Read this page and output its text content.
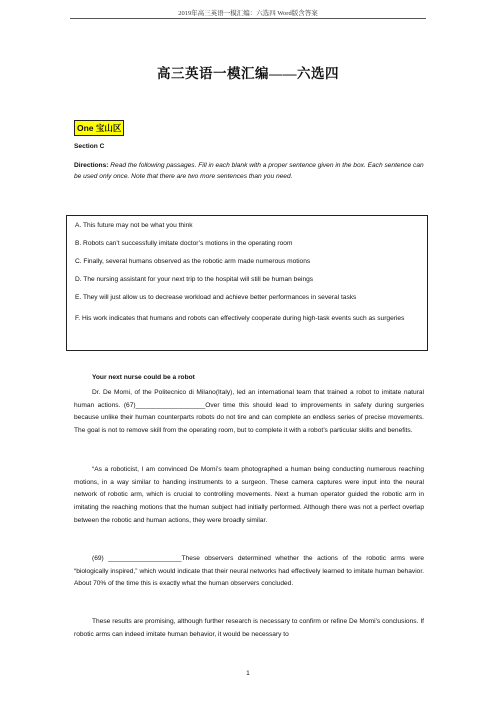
2019年高三英语一模汇编：六选四 Word版含答案
高三英语一模汇编——六选四
One 宝山区
Section C
Directions: Read the following passages. Fill in each blank with a proper sentence given in the box. Each sentence can be used only once. Note that there are two more sentences than you need.
A. This future may not be what you think
B. Robots can’t successfully imitate doctor’s motions in the operating room
C. Finally, several humans observed as the robotic arm made numerous motions
D. The nursing assistant for your next trip to the hospital will still be human beings
E. They will just allow us to decrease workload and achieve better performances in several tasks
F. His work indicates that humans and robots can effectively cooperate during high-task events such as surgeries
Your next nurse could be a robot
Dr. De Momi, of the Politecnico di Milano(Italy), led an international team that trained a robot to imitate natural human actions. (67)___________________Over time this should lead to improvements in safety during surgeries because unlike their human counterparts robots do not tire and can complete an endless series of precise movements. The goal is not to remove skill from the operating room, but to complete it with a robot’s particular skills and benefits.
“As a roboticist, I am convinced De Momi’s team photographed a human being conducting numerous reaching motions, in a way similar to handing instruments to a surgeon. These camera captures were input into the neural network of robotic arm, which is crucial to controlling movements. Next a human operator guided the robotic arm in imitating the reaching motions that the human subject had initially performed. Although there was not a perfect overlap between the robotic and human actions, they were broadly similar.
(69) ____________________These observers determined whether the actions of the robotic arms were “biologically inspired,” which would indicate that their neural networks had effectively learned to imitate human behavior. About 70% of the time this is exactly what the human observers concluded.
These results are promising, although further research is necessary to confirm or refine De Momi’s conclusions. If robotic arms can indeed imitate human behavior, it would be necessary to
1
